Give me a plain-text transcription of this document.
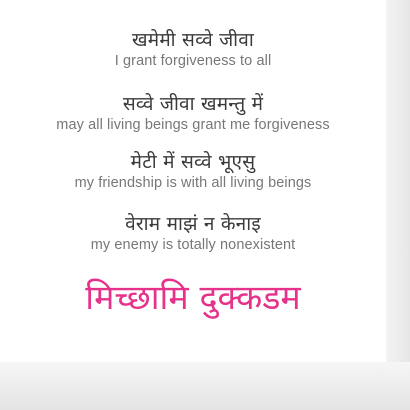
खमेमी सव्वे जीवा
I grant forgiveness to all
सव्वे जीवा खमन्तु में
may all living beings grant me forgiveness
मेटी में सव्वे भूएसु
my friendship is with all living beings
वेराम माझं न केनाइ
my enemy is totally nonexistent
मिच्छामि दुक्कडम
